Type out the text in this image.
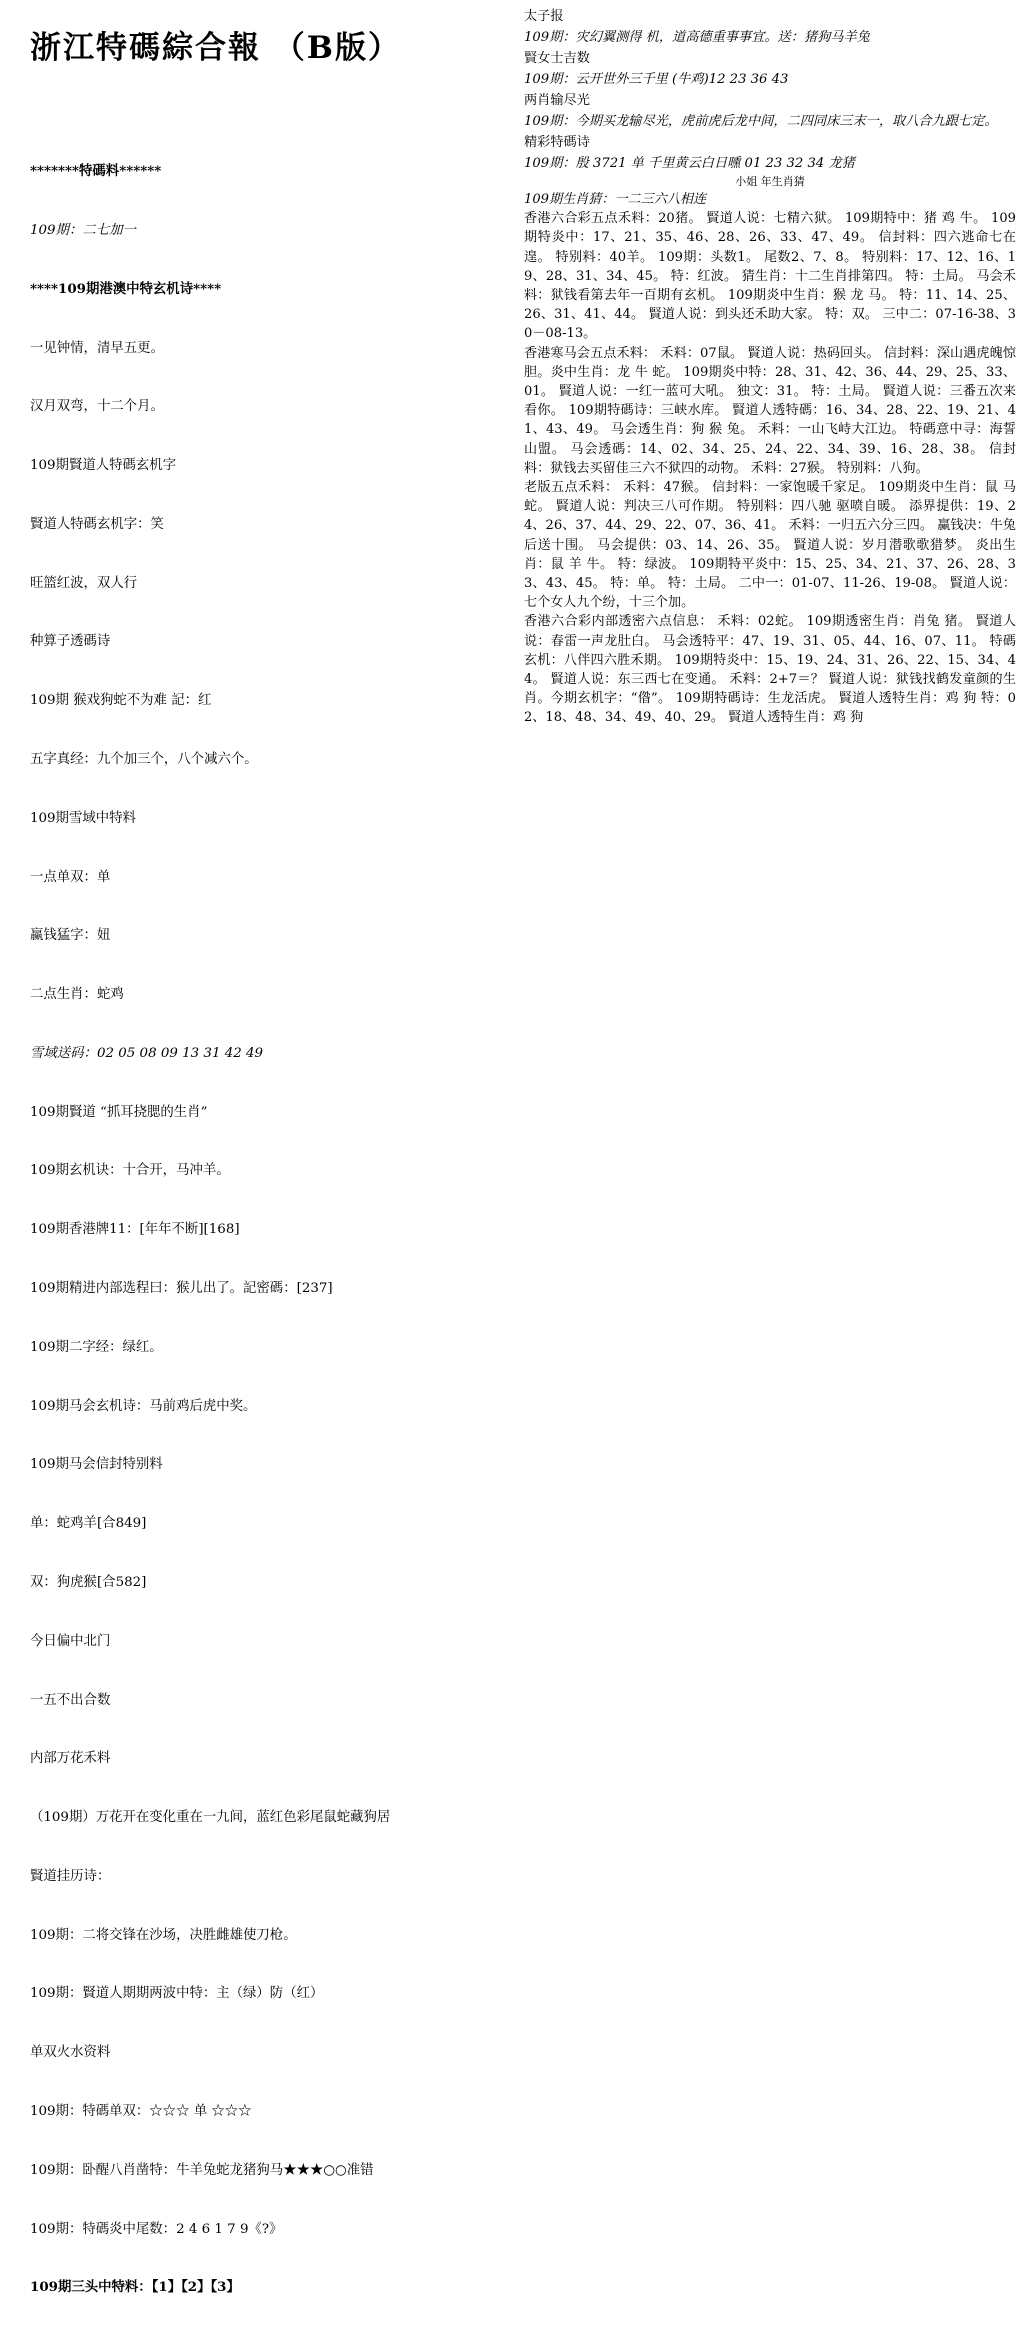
浙江特碼綜合報 （B版）

*******特碼料******

109期：二七加一

****109期港澳中特玄机诗****

一见钟情，清早五更。

汉月双弯，十二个月。

109期賢道人特碼玄机字

賢道人特碼玄机字：笑

旺篮红波，双人行

种算子透碼诗

109期 猴戏狗蛇不为难 記：红

五字真经：九个加三个，八个减六个。

109期雪域中特料

一点单双：单

赢钱猛字：妞

二点生肖：蛇鸡

雪域送码：02 05 08 09 13 31 42 49

109期賢道 “抓耳挠腮的生肖”

109期玄机诀：十合开，马冲羊。

109期香港牌11：[年年不断][168]

109期精进内部选程曰：猴儿出了。記密碼：[237]

109期二字经：绿红。

109期马会玄机诗：马前鸡后虎中奖。

109期马会信封特别料

单：蛇鸡羊[合849]

双：狗虎猴[合582]

今日偏中北门

一五不出合数

内部万花禾料

（109期）万花开在变化重在一九间，蓝红色彩尾鼠蛇藏狗居

賢道挂历诗：

109期：二将交锋在沙场，决胜雌雄使刀枪。

109期：賢道人期期两波中特：主（绿）防（红）

单双火水资料

109期：特碼单双：☆☆☆ 单 ☆☆☆

109期：卧醒八肖凿特：牛羊兔蛇龙猪狗马★★★○○准错

109期：特碼炎中尾数：2 4 6 1 7 9《?》

109期三头中特料：【1】【2】【3】

太子报
109期：灾幻翼测得 机，道高德重事事宜。送：猪狗马羊兔
賢女士吉数
109期：云开世外三千里 (牛鸡)12 23 36 43
两肖输尽光
109期：今期买龙输尽光，虎前虎后龙中间，二四同床三末一，取八合九跟七定。
精彩特碼诗
109期：殷 3721 单 千里黄云白日曛 01 23 32 34 龙猪
小姐 年生肖猜
109期生肖猜：一二三六八相连
香港六合彩五点禾料：20猪。 賢道人说：七精六狱。 109期特中：猪 鸡 牛。 109期特炎中：17、21、35、46、28、26、33、47、49。 信封料：四六逃命七在遑。 特别料：40羊。 109期：头数1。 尾数2、7、8。 特别料：17、12、16、19、28、31、34、45。 特：红波。 猜生肖：十二生肖排第四。 特：土局。 马会禾料：狱钱看第去年一百期有玄机。 109期炎中生肖：猴 龙 马。 特：11、14、25、26、31、41、44。 賢道人说：到头还禾助大家。 特：双。 三中二：07-16-38、30－08-13。
香港寒马会五点禾料： 禾料：07鼠。 賢道人说：热码回头。 信封料：深山遇虎魄惊胆。炎中生肖：龙 牛 蛇。 109期炎中特：28、31、42、36、44、29、25、33、01。 賢道人说：一红一蓝可大吼。 独文：31。 特：土局。 賢道人说：三番五次来看你。 109期特碼诗：三峡水库。 賢道人透特碼：16、34、28、22、19、21、41、43、49。 马会透生肖：狗 猴 兔。 禾料：一山飞峙大江边。 特碼意中寻：海誓山盟。 马会透碼：14、02、34、25、24、22、34、39、16、28、38。 信封料：狱钱去买留佳三六不狱四的动物。 禾料：27猴。 特别料：八狗。
老版五点禾料： 禾料：47猴。 信封料：一家饱暖千家足。 109期炎中生肖：鼠 马 蛇。 賢道人说：判决三八可作期。 特别料：四八驰 驱喷自暖。 添界提供：19、24、26、37、44、29、22、07、36、41。 禾料：一归五六分三四。 赢钱决：牛兔后送十围。 马会提供：03、14、26、35。 賢道人说：岁月潜歌歌猎梦。 炎出生肖：鼠 羊 牛。 特：绿波。 109期特平炎中：15、25、34、21、37、26、28、33、43、45。 特：单。 特：土局。 二中一：01-07、11-26、19-08。 賢道人说：七个女人九个纷，十三个加。
香港六合彩内部透密六点信息： 禾料：02蛇。 109期透密生肖：肖兔 猪。 賢道人说：春雷一声龙肚白。 马会透特平：47、19、31、05、44、16、07、11。 特碼玄机：八伴四六胜禾期。 109期特炎中：15、19、24、31、26、22、15、34、44。 賢道人说：东三西七在变通。 禾料：2+7＝？ 賢道人说：狱钱找鹤发童颜的生肖。今期玄机字：“偺”。 109期特碼诗：生龙活虎。 賢道人透特生肖：鸡 狗 特：02、18、48、34、49、40、29。 賢道人透特生肖：鸡 狗
